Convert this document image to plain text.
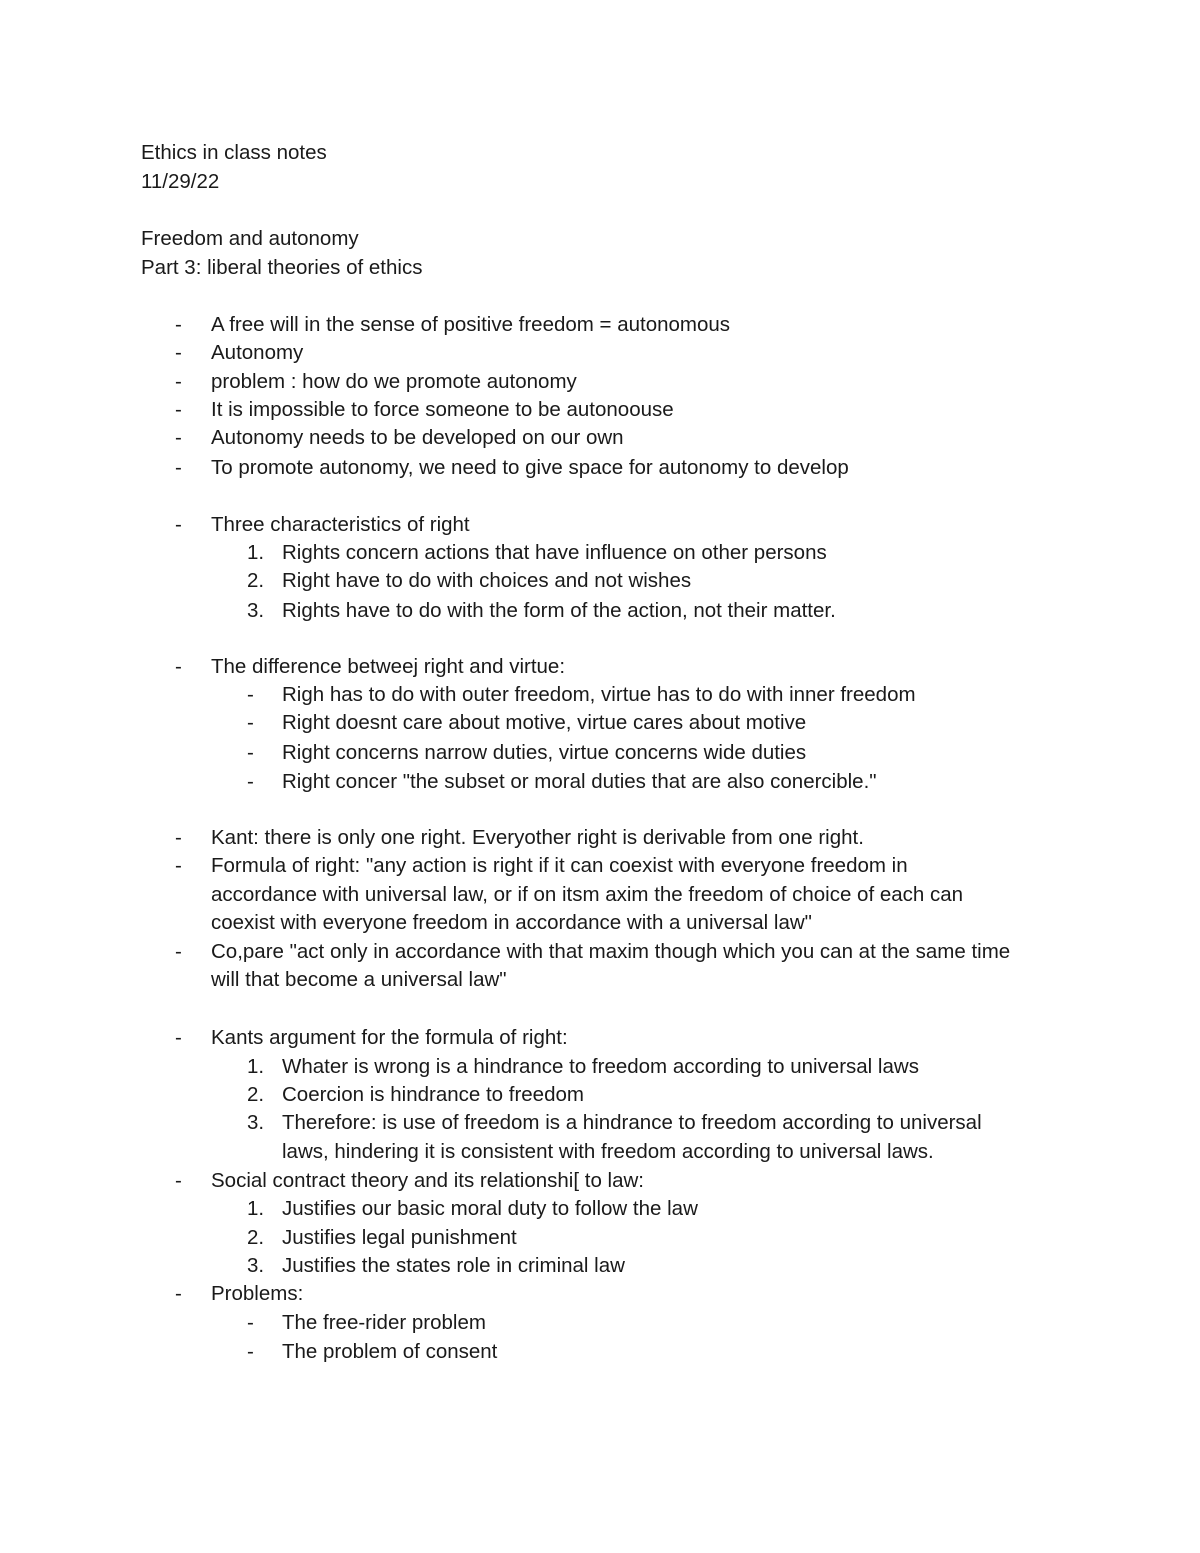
Ethics in class notes
11/29/22
Freedom and autonomy
Part 3: liberal theories of ethics
- A free will in the sense of positive freedom = autonomous
- Autonomy
- problem : how do we promote autonomy
- It is impossible to force someone to be autonoouse
- Autonomy needs to be developed on our own
- To promote autonomy, we need to give space for autonomy to develop
- Three characteristics of right
1. Rights concern actions that have influence on other persons
2. Right have to do with choices and not wishes
3. Rights have to do with the form of the action, not their matter.
- The difference betweej right and virtue:
- Righ has to do with outer freedom, virtue has to do with inner freedom
- Right doesnt care about motive, virtue cares about motive
- Right concerns narrow duties, virtue concerns wide duties
- Right concer "the subset or moral duties that are also conercible."
- Kant: there is only one right. Everyother right is derivable from one right.
- Formula of right: "any action is right if it can coexist with everyone freedom in
accordance with universal law, or if on itsm axim the freedom of choice of each can
coexist with everyone freedom in accordance with a universal law"
- Co,pare "act only in accordance with that maxim though which you can at the same time
will that become a universal law"
- Kants argument for the formula of right:
1. Whater is wrong is a hindrance to freedom according to universal laws
2. Coercion is hindrance to freedom
3. Therefore: is use of freedom is a hindrance to freedom according to universal
laws, hindering it is consistent with freedom according to universal laws.
- Social contract theory and its relationshi[ to law:
1. Justifies our basic moral duty to follow the law
2. Justifies legal punishment
3. Justifies the states role in criminal law
- Problems:
- The free-rider problem
- The problem of consent
